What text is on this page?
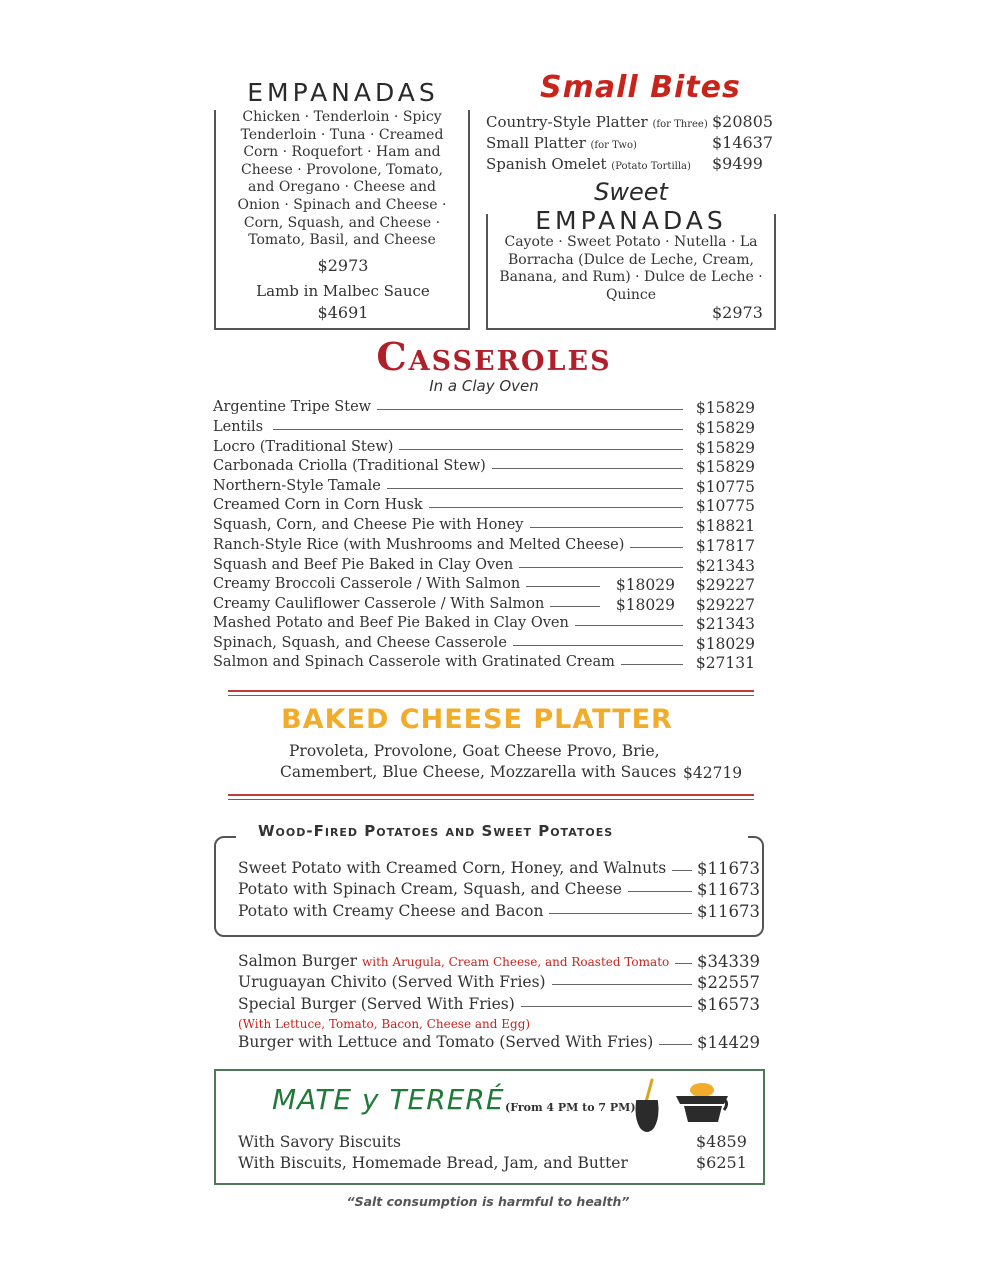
EMPANADAS
Chicken · Tenderloin · Spicy Tenderloin · Tuna · Creamed Corn · Roquefort · Ham and Cheese · Provolone, Tomato, and Oregano · Cheese and Onion · Spinach and Cheese · Corn, Squash, and Cheese · Tomato, Basil, and Cheese
$2973
Lamb in Malbec Sauce
$4691
Small Bites
Country-Style Platter (for Three) $20805
Small Platter (for Two)	$14637
Spanish Omelet (Potato Tortilla) $9499
Sweet
EMPANADAS
Cayote · Sweet Potato · Nutella · La Borracha (Dulce de Leche, Cream, Banana, and Rum) · Dulce de Leche · Quince
$2973
Casseroles
In a Clay Oven
Argentine Tripe Stew	$15829
Lentils	$15829
Locro (Traditional Stew)	$15829
Carbonada Criolla (Traditional Stew)	$15829
Northern-Style Tamale	$10775
Creamed Corn in Corn Husk	$10775
Squash, Corn, and Cheese Pie with Honey	$18821
Ranch-Style Rice (with Mushrooms and Melted Cheese)	$17817
Squash and Beef Pie Baked in Clay Oven	$21343
Creamy Broccoli Casserole / With Salmon	$18029 $29227
Creamy Cauliflower Casserole / With Salmon	$18029 $29227
Mashed Potato and Beef Pie Baked in Clay Oven	$21343
Spinach, Squash, and Cheese Casserole	$18029
Salmon and Spinach Casserole with Gratinated Cream	$27131
BAKED CHEESE PLATTER
Provoleta, Provolone, Goat Cheese Provo, Brie,
Camembert, Blue Cheese, Mozzarella with Sauces $42719
Wood-Fired Potatoes and Sweet Potatoes
Sweet Potato with Creamed Corn, Honey, and Walnuts	$11673
Potato with Spinach Cream, Squash, and Cheese	$11673
Potato with Creamy Cheese and Bacon	$11673
Salmon Burger with Arugula, Cream Cheese, and Roasted Tomato	$34339
Uruguayan Chivito (Served With Fries)	$22557
Special Burger (Served With Fries)	$16573
(With Lettuce, Tomato, Bacon, Cheese and Egg)
Burger with Lettuce and Tomato (Served With Fries)	$14429
MATE y TERERÉ (From 4 PM to 7 PM)
With Savory Biscuits	$4859
With Biscuits, Homemade Bread, Jam, and Butter	$6251
“Salt consumption is harmful to health”
